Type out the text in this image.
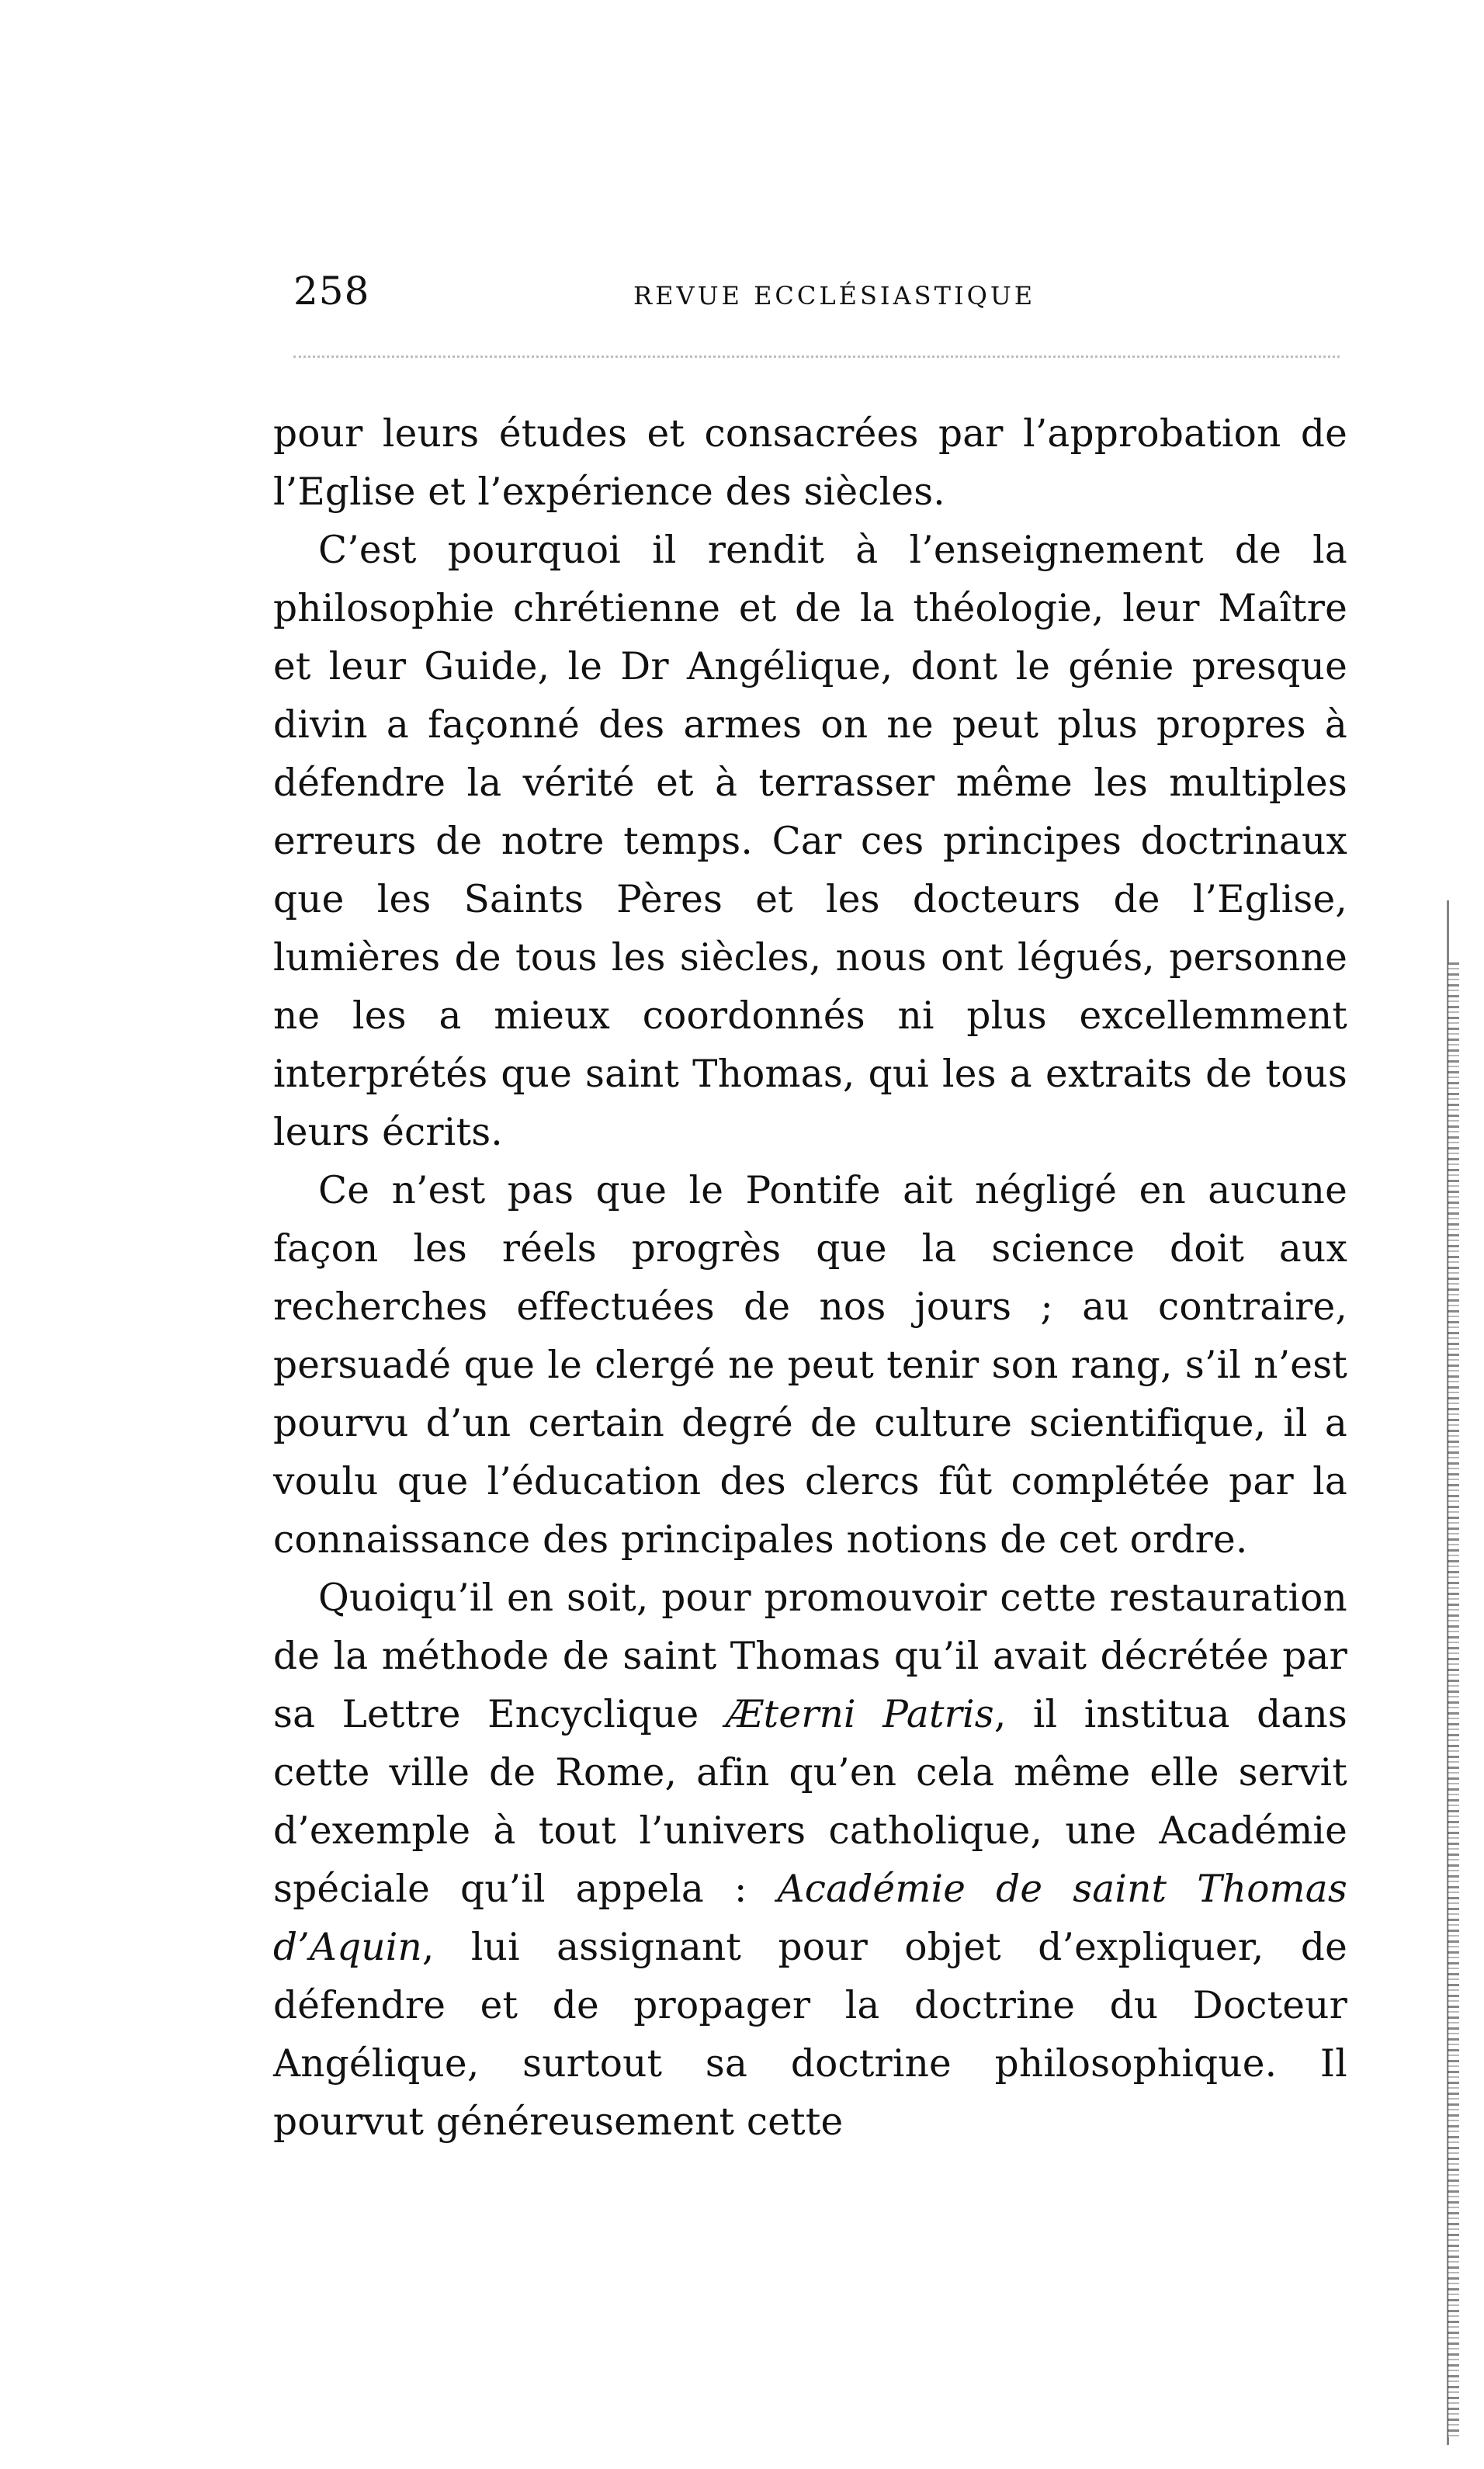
258	REVUE ECCLÉSIASTIQUE

pour leurs études et consacrées par l’approbation de l’Eglise et l’expérience des siècles.

C’est pourquoi il rendit à l’enseignement de la philosophie chrétienne et de la théologie, leur Maître et leur Guide, le Dr Angélique, dont le génie presque divin a façonné des armes on ne peut plus propres à défendre la vérité et à terrasser même les multiples erreurs de notre temps. Car ces principes doctrinaux que les Saints Pères et les docteurs de l’Eglise, lumières de tous les siècles, nous ont légués, personne ne les a mieux coordonnés ni plus excellemment interprétés que saint Thomas, qui les a extraits de tous leurs écrits.

Ce n’est pas que le Pontife ait négligé en aucune façon les réels progrès que la science doit aux recherches effectuées de nos jours ; au contraire, persuadé que le clergé ne peut tenir son rang, s’il n’est pourvu d’un certain degré de culture scientifique, il a voulu que l’éducation des clercs fût complétée par la connaissance des principales notions de cet ordre.

Quoiqu’il en soit, pour promouvoir cette restauration de la méthode de saint Thomas qu’il avait décrétée par sa Lettre Encyclique Æterni Patris, il institua dans cette ville de Rome, afin qu’en cela même elle servit d’exemple à tout l’univers catholique, une Académie spéciale qu’il appela : Académie de saint Thomas d’Aquin, lui assignant pour objet d’expliquer, de défendre et de propager la doctrine du Docteur Angélique, surtout sa doctrine philosophique. Il pourvut généreusement cette
